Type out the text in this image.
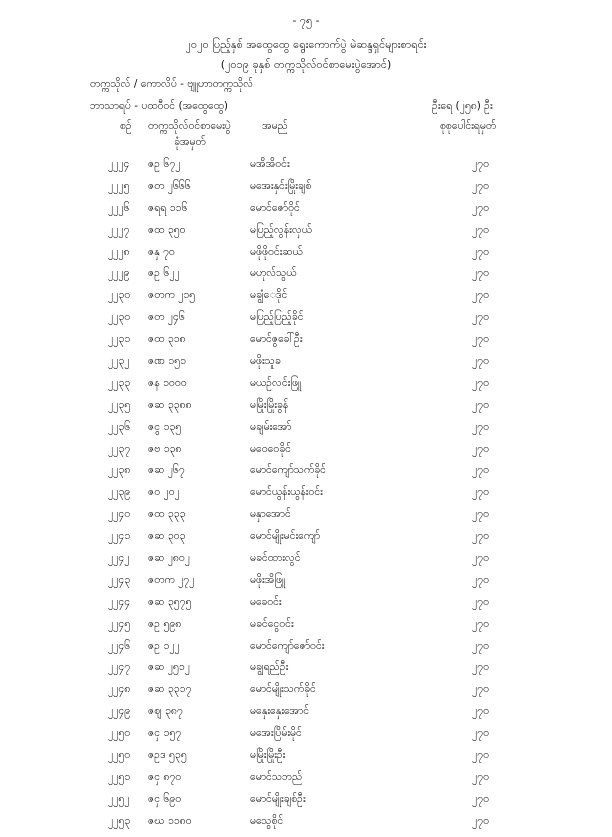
- ၇၅ -
၂၀၂၀ ပြည့်နှစ် အထွေထွေ ရွေးကောက်ပွဲ မဲဆန္ဒရှင်များစာရင်း
(၂၀၁၉ ခုနှစ် တက္ကသိုလ်ဝင်စာမေးပွဲအောင်)
တက္ကသိုလ် / ကောလိပ် - ဗျူဟာတက္ကသိုလ်
ဘာသာရပ် - ပထဝီဝင် (အထွေထွေ)	ဦးရေ (၂၅၈) ဦး
စဉ် တက္ကသိုလ်ဝင်စာမေးပွဲ
ခုံအမှတ်
အမည်	စုစုပေါင်းရမှတ်
၂၂၂၄ ဇဥ ၆၇၂	မအိအိဝင်း	၂၇၀
၂၂၂၅ ဇတ ၂၆၆၆	မအေးနှင်းမြိုးချစ်	၂၇၀
၂၂၂၆ ဇရရ ၁၁၆	မောင်ဇော်ဝိုင်	၂၇၀
၂၂၂၇ ဇထ ၃၅၀	မပြည့်လွန်းလှယ်	၂၇၀
၂၂၂၈ ဇနှ ၇၀	မဖိုဖိုဝင်းဆယ်	၂၇၀
၂၂၂၉ ဇဥ ၆၂၂	မဟုလ်သွယ်	၂၇၀
၂၂၃၀ ဇတက ၂၁၅	မချွံေဒိုင်	၂၇၀
၂၂၃၀ ဇတ ၂၄၆	မပြည့်ပြည့်ခိုင်	၂၇၀
၂၂၃၁ ဇထ ၃၁၈	မောင်ဇွခေါ်ဦး	၂၇၀
၂၂၃၂ ဇဏ ၁၅၁	မဖိုးသူခ	၂၇၀
၂၂၃၃ ဇန ၁၀၀၀	မယဉ်လင်းဖြူ	၂၇၀
၂၂၃၅ ဇဆ ၃၃၈၈	မမြိုးမြိုးခွန်	၂၇၀
၂၂၃၆ ဇငွ ၁၃၅	မချမ်းအော်	၂၇၀
၂၂၃၇ ဇဗ ၁၃၈	မဝေဝေခိုင်	၂၇၀
၂၂၃၈ ဇဆ ၂၆၇	မောင်ကျော်သက်ခိုင်	၂၇၀
၂၂၃၉ ဇဝ ၂၀၂	မောင်ယွန်းယွန်းဝင်း	၂၇၀
၂၂၄၀ ဇထ ၃၃၃	မနှာအောင်	၂၇၀
၂၂၄၁ ဇဆ ၃၀၃	မောင်မျိုးမင်းကျော်	၂၇၀
၂၂၄၂ ဇဆ ၂၈၀၂	မခင်ထားလွင်	၂၇၀
၂၂၄၃ ဇတက ၂၇၂	မဖိုးအိဖြူ	၂၇၀
၂၂၄၄ ဇဆ ၃၅၇၅	မခေဝင်း	၂၇၀
၂၂၄၅ ဇဥ ၅၉၈	မခင်ငွေဝင်း	၂၇၀
၂၂၄၆ ဇဥ ၁၂၂	မောင်ကျော်ဇော်ဝင်း	၂၇၀
၂၂၄၇ ဇဆ ၂၅၁၂	မချွရည်ဦး	၂၇၀
၂၂၄၈ ဇဆ ၃၃၁၇	မောင်မျိုးသက်ခိုင်	၂၇၀
၂၂၄၉ ဇဈ ၃၈၇	မနှေးနှေးအောင်	၂၇၀
၂၂၅၀ ဇငှ ၁၅၇	မအေးပြိမ်းမိုင်	၂၇၀
၂၂၅၀ ဇဥဒ ၅၃၅	မမြိုးမြိုးဦး	၂၇၀
၂၂၅၁ ဇငှ ၈၇၀	မောင်သဘည်	၂၇၀
၂၂၅၂ ဇငှ ၆၉၀	မောင်မျိုးချစ်ဦး	၂၇၀
၂၂၅၃ ဇဃ ၁၁၈၀	မသွေစိုင်	၂၇၀
